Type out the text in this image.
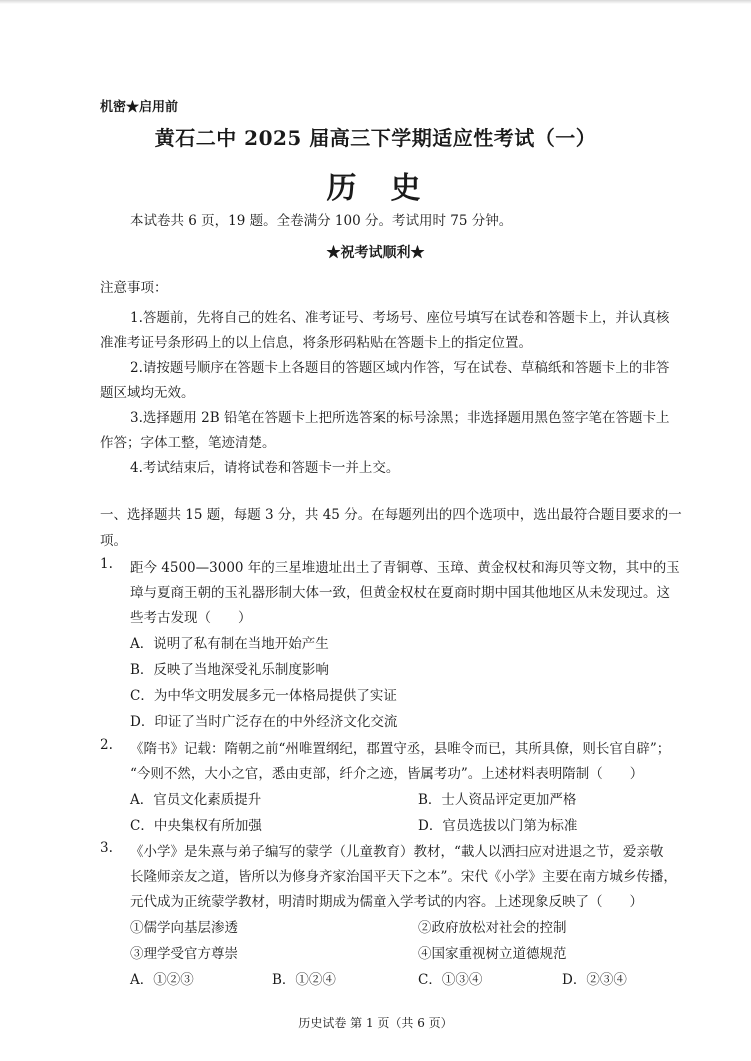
机密★启用前
黄石二中 2025 届高三下学期适应性考试（一）
历史
本试卷共 6 页，19 题。全卷满分 100 分。考试用时 75 分钟。
★祝考试顺利★
注意事项：
1.答题前，先将自己的姓名、准考证号、考场号、座位号填写在试卷和答题卡上，并认真核
准准考证号条形码上的以上信息，将条形码粘贴在答题卡上的指定位置。
2.请按题号顺序在答题卡上各题目的答题区域内作答，写在试卷、草稿纸和答题卡上的非答
题区域均无效。
3.选择题用 2B 铅笔在答题卡上把所选答案的标号涂黑；非选择题用黑色签字笔在答题卡上
作答；字体工整，笔迹清楚。
4.考试结束后，请将试卷和答题卡一并上交。
一、选择题共 15 题，每题 3 分，共 45 分。在每题列出的四个选项中，选出最符合题目要求的一
项。
1. 距今 4500—3000 年的三星堆遗址出土了青铜尊、玉璋、黄金权杖和海贝等文物，其中的玉
璋与夏商王朝的玉礼器形制大体一致，但黄金权杖在夏商时期中国其他地区从未发现过。这
些考古发现（　　）
A．说明了私有制在当地开始产生
B．反映了当地深受礼乐制度影响
C．为中华文明发展多元一体格局提供了实证
D．印证了当时广泛存在的中外经济文化交流
2. 《隋书》记载：隋朝之前“州唯置纲纪，郡置守丞，县唯令而已，其所具僚，则长官自辟”；
“今则不然，大小之官，悉由吏部，纤介之迹，皆属考功”。上述材料表明隋制（　　）
A．官员文化素质提升	B．士人资品评定更加严格
C．中央集权有所加强	D．官员选拔以门第为标准
3. 《小学》是朱熹与弟子编写的蒙学（儿童教育）教材，“載人以洒扫应对进退之节，爱亲敬
长隆师亲友之道，皆所以为修身齐家治国平天下之本”。宋代《小学》主要在南方城乡传播，
元代成为正统蒙学教材，明清时期成为儒童入学考试的内容。上述现象反映了（　　）
①儒学向基层渗透	②政府放松对社会的控制
③理学受官方尊崇	④国家重视树立道德规范
A．①②③	B．①②④	C．①③④	D．②③④
历史试卷 第 1 页（共 6 页）
